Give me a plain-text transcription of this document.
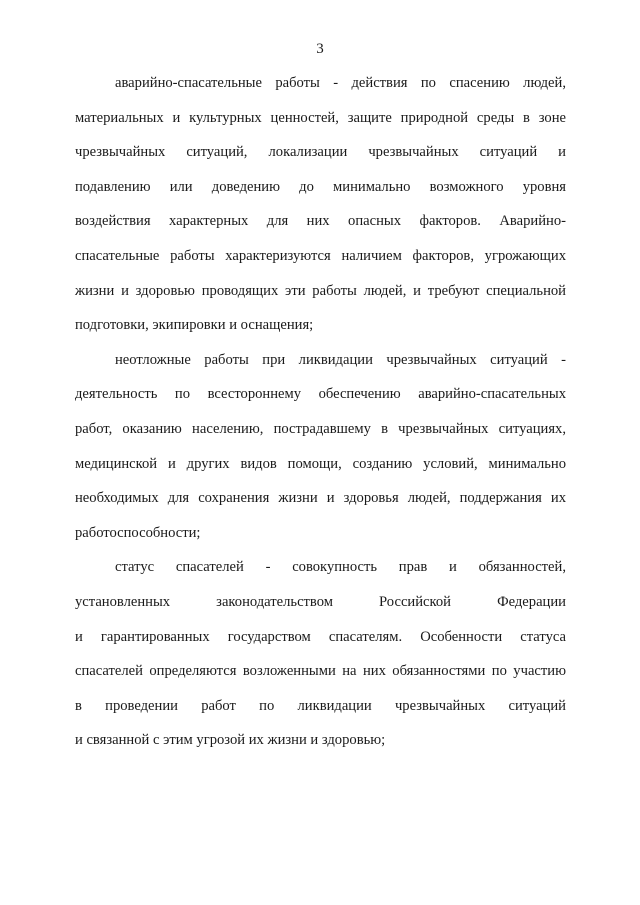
3
аварийно-спасательные работы - действия по спасению людей,
материальных и культурных ценностей, защите природной среды в зоне
чрезвычайных ситуаций, локализации чрезвычайных ситуаций и
подавлению или доведению до минимально возможного уровня
воздействия характерных для них опасных факторов. Аварийно-
спасательные работы характеризуются наличием факторов, угрожающих
жизни и здоровью проводящих эти работы людей, и требуют специальной
подготовки, экипировки и оснащения;
неотложные работы при ликвидации чрезвычайных ситуаций -
деятельность по всестороннему обеспечению аварийно-спасательных
работ, оказанию населению, пострадавшему в чрезвычайных ситуациях,
медицинской и других видов помощи, созданию условий, минимально
необходимых для сохранения жизни и здоровья людей, поддержания их
работоспособности;
статус спасателей - совокупность прав и обязанностей,
установленных законодательством Российской Федерации
и гарантированных государством спасателям. Особенности статуса
спасателей определяются возложенными на них обязанностями по участию
в проведении работ по ликвидации чрезвычайных ситуаций
и связанной с этим угрозой их жизни и здоровью;
